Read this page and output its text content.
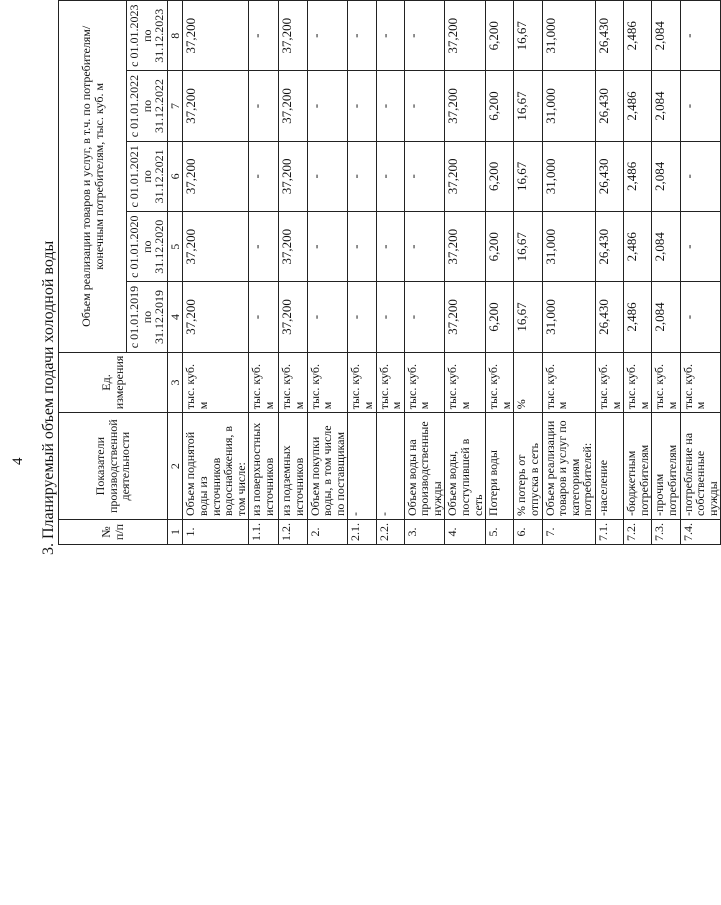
4 3. Планируемый объем подачи холодной воды	№ п/п	Показатели производственной деятельности	Ед. измерения	Объем реализации товаров и услуг, в т.ч. по потребителям/ конечным потребителям, тыс. куб. м				
			с 01.01.2019 по 31.12.2019	с 01.01.2020 по 31.12.2020	с 01.01.2021 по 31.12.2021	с 01.01.2022 по 31.12.2022	с 01.01.2023 по 31.12.2023
1	2	3	4	5	6	7	8
1.	Объем поднятой воды из источников водоснабжения, в том числе:	тыс. куб. м	37,200	37,200	37,200	37,200	37,200
1.1.	из поверхностных источников	тыс. куб. м	-	-	-	-	-
1.2.	из подземных источников	тыс. куб. м	37,200	37,200	37,200	37,200	37,200
2.	Объем покупки воды, в том числе по поставщикам	тыс. куб. м	-	-	-	-	-
2.1.	-	тыс. куб. м	-	-	-	-	-
2.2.	-	тыс. куб. м	-	-	-	-	-
3.	Объем воды на производственные нужды	тыс. куб. м	-	-	-	-	-
4.	Объем воды, поступившей в сеть	тыс. куб. м	37,200	37,200	37,200	37,200	37,200
5.	Потери воды	тыс. куб. м	6,200	6,200	6,200	6,200	6,200
6.	% потерь от отпуска в сеть	%	16,67	16,67	16,67	16,67	16,67
7.	Объем реализации товаров и услуг по категориям потребителей:	тыс. куб. м	31,000	31,000	31,000	31,000	31,000
7.1.	-население	тыс. куб. м	26,430	26,430	26,430	26,430	26,430
7.2.	-бюджетным потребителям	тыс. куб. м	2,486	2,486	2,486	2,486	2,486
7.3.	-прочим потребителям	тыс. куб. м	2,084	2,084	2,084	2,084	2,084
7.4.	-потребление на собственные нужды	тыс. куб. м	-	-	-	-	-
